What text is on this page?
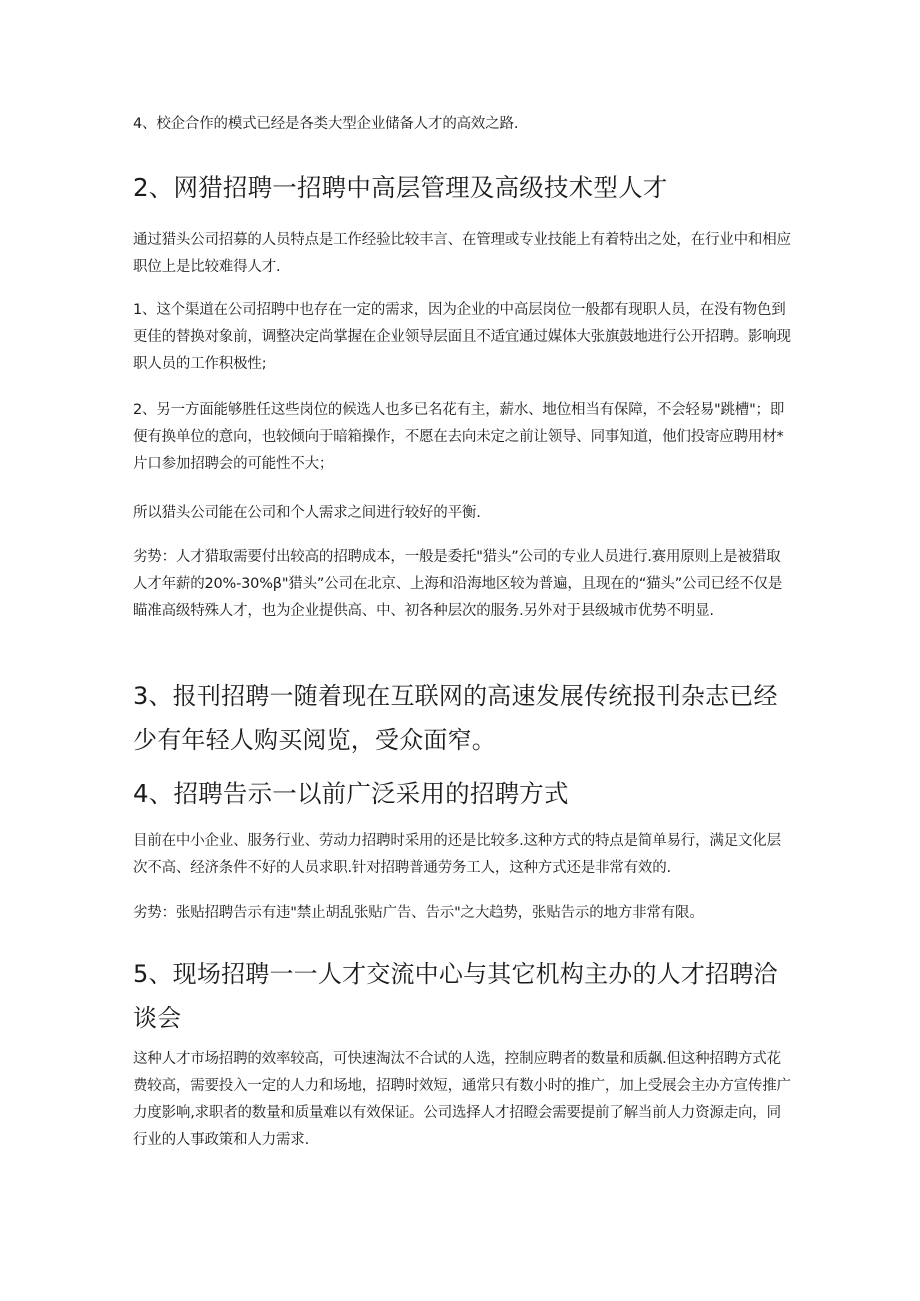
4、校企合作的模式已经是各类大型企业储备人才的高效之路.

2、网猎招聘一招聘中高层管理及高级技术型人才

通过猎头公司招募的人员特点是工作经验比较丰言、在管理或专业技能上有着特出之处，在行业中和相应职位上是比较难得人才.

1、这个渠道在公司招聘中也存在一定的需求，因为企业的中高层岗位一般都有现职人员，在没有物色到更佳的替换对象前，调整决定尚掌握在企业领导层面且不适宜通过媒体大张旗鼓地进行公开招聘。影响现职人员的工作积极性;

2、另一方面能够胜任这些岗位的候选人也多已名花有主，薪水、地位相当有保障，不会轻易"跳槽"；即便有换单位的意向，也较倾向于暗箱操作，不愿在去向未定之前让领导、同事知道，他们投寄应聘用材*片口参加招聘会的可能性不大；

所以猎头公司能在公司和个人需求之间进行较好的平衡.

劣势：人才猎取需要付出较高的招聘成本，一般是委托"猎头”公司的专业人员进行.赛用原则上是被猎取人才年薪的20%-30%β"猎头”公司在北京、上海和沿海地区较为普遍，且现在的“猫头”公司已经不仅是瞄准高级特殊人才，也为企业提供高、中、初各种层次的服务.另外对于县级城市优势不明显.

3、报刊招聘一随着现在互联网的高速发展传统报刊杂志已经少有年轻人购买阅览，受众面窄。
4、招聘告示一以前广泛采用的招聘方式

目前在中小企业、服务行业、劳动力招聘时采用的还是比较多.这种方式的特点是简单易行，满足文化层次不高、经济条件不好的人员求职.针对招聘普通劳务工人，这种方式还是非常有效的.

劣势：张贴招聘告示有违"禁止胡乱张贴广告、告示"之大趋势，张贴告示的地方非常有限。

5、现场招聘一一人才交流中心与其它机构主办的人才招聘洽谈会

这种人才市场招聘的效率较高，可快速淘汰不合试的人选，控制应聘者的数量和质飙.但这种招聘方式花费较高，需要投入一定的人力和场地，招聘时效短，通常只有数小时的推广，加上受展会主办方宣传推广力度影响,求职者的数量和质量难以有效保证。公司选择人才招瞪会需要提前了解当前人力资源走向，同行业的人事政策和人力需求.
